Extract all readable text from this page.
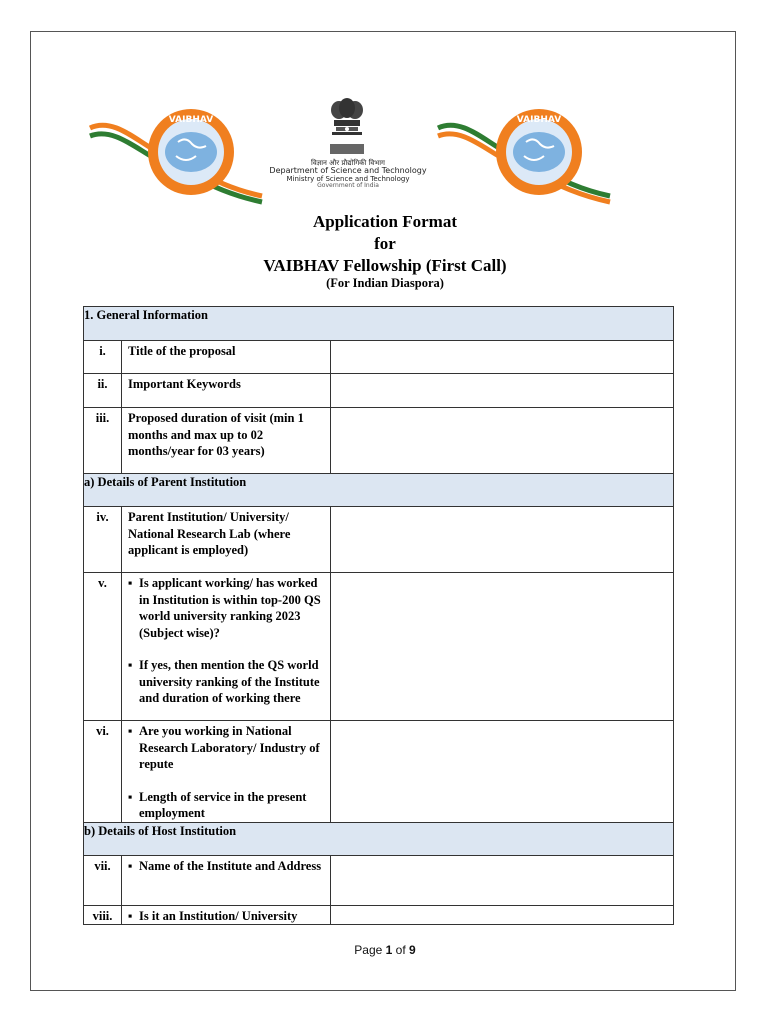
VAIBHAV	VAIBHAV
विज्ञान और प्रौद्योगिकी विभाग
Department of Science and Technology
Ministry of Science and Technology
Government of India
Application Format
for
VAIBHAV Fellowship (First Call)
(For Indian Diaspora)
1. General Information		
i.	Title of the proposal	
ii.	Important Keywords	
iii.	Proposed duration of visit (min 1 months and max up to 02 months/year for 03 years)	
a) Details of Parent Institution		
iv.	Parent Institution/ University/ National Research Lab (where applicant is employed)	
v.	▪ Is applicant working/ has worked in Institution is within top-200 QS world university ranking 2023 (Subject wise)?
▪ If yes, then mention the QS world university ranking of the Institute and duration of working there	

vi.	▪ Are you working in National Research Laboratory/ Industry of repute
▪ Length of service in the present employment	

b) Details of Host Institution		
vii.	▪ Name of the Institute and Address	

viii.	▪ Is it an Institution/ University	

Page 1 of 9
